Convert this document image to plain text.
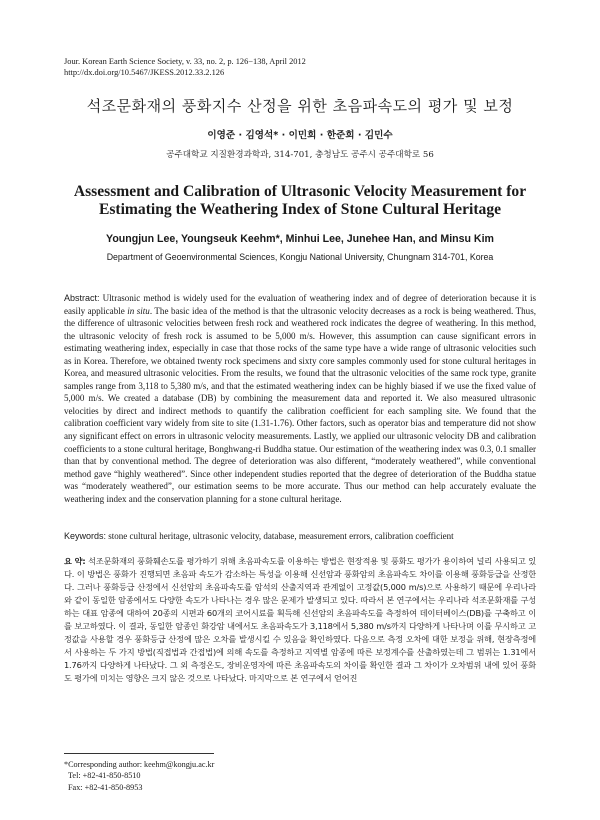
Jour. Korean Earth Science Society, v. 33, no. 2, p. 126−138, April 2012
http://dx.doi.org/10.5467/JKESS.2012.33.2.126
석조문화재의 풍화지수 산정을 위한 초음파속도의 평가 및 보정
이영준 · 김영석* · 이민희 · 한준희 · 김민수
공주대학교 지질환경과학과, 314-701, 충청남도 공주시 공주대학로 56
Assessment and Calibration of Ultrasonic Velocity Measurement for
Estimating the Weathering Index of Stone Cultural Heritage
Youngjun Lee, Youngseuk Keehm*, Minhui Lee, Junehee Han, and Minsu Kim
Department of Geoenvironmental Sciences, Kongju National University, Chungnam 314-701, Korea
Abstract: Ultrasonic method is widely used for the evaluation of weathering index and of degree of deterioration because it is easily applicable in situ. The basic idea of the method is that the ultrasonic velocity decreases as a rock is being weathered. Thus, the difference of ultrasonic velocities between fresh rock and weathered rock indicates the degree of weathering. In this method, the ultrasonic velocity of fresh rock is assumed to be 5,000 m/s. However, this assumption can cause significant errors in estimating weathering index, especially in case that those rocks of the same type have a wide range of ultrasonic velocities such as in Korea. Therefore, we obtained twenty rock specimens and sixty core samples commonly used for stone cultural heritages in Korea, and measured ultrasonic velocities. From the results, we found that the ultrasonic velocities of the same rock type, granite samples range from 3,118 to 5,380 m/s, and that the estimated weathering index can be highly biased if we use the fixed value of 5,000 m/s. We created a database (DB) by combining the measurement data and reported it. We also measured ultrasonic velocities by direct and indirect methods to quantify the calibration coefficient for each sampling site. We found that the calibration coefficient vary widely from site to site (1.31-1.76). Other factors, such as operator bias and temperature did not show any significant effect on errors in ultrasonic velocity measurements. Lastly, we applied our ultrasonic velocity DB and calibration coefficients to a stone cultural heritage, Bonghwang-ri Buddha statue. Our estimation of the weathering index was 0.3, 0.1 smaller than that by conventional method. The degree of deterioration was also different, “moderately weathered”, while conventional method gave “highly weathered”. Since other independent studies reported that the degree of deterioration of the Buddha statue was “moderately weathered”, our estimation seems to be more accurate. Thus our method can help accurately evaluate the weathering index and the conservation planning for a stone cultural heritage.
Keywords: stone cultural heritage, ultrasonic velocity, database, measurement errors, calibration coefficient
요 약: 석조문화재의 풍화훼손도를 평가하기 위해 초음파속도를 이용하는 방법은 현장적용 및 풍화도 평가가 용이하여 널리 사용되고 있다. 이 방법은 풍화가 진행되면 초음파 속도가 감소하는 특성을 이용해 신선암과 풍화암의 초음파속도 차이를 이용해 풍화등급을 산정한다. 그러나 풍화등급 산정에서 신선암의 초음파속도를 암석의 산출지역과 관계없이 고정값(5,000 m/s)으로 사용하기 때문에 우리나라와 같이 동일한 암종에서도 다양한 속도가 나타나는 경우 많은 문제가 발생되고 있다. 따라서 본 연구에서는 우리나라 석조문화재를 구성하는 대표 암종에 대하여 20종의 시편과 60개의 코어시료를 획득해 신선암의 초음파속도를 측정하여 데이터베이스(DB)를 구축하고 이를 보고하였다. 이 결과, 동일한 암종인 화강암 내에서도 초음파속도가 3,118에서 5,380 m/s까지 다양하게 나타나며 이를 무시하고 고정값을 사용할 경우 풍화등급 산정에 많은 오차를 발생시킬 수 있음을 확인하였다. 다음으로 측정 오차에 대한 보정을 위해, 현장측정에서 사용하는 두 가지 방법(직접법과 간접법)에 의해 속도를 측정하고 지역별 암종에 따른 보정계수를 산출하였는데 그 범위는 1.31에서 1.76까지 다양하게 나타났다. 그 외 측정온도, 장비운영자에 따른 초음파속도의 차이를 확인한 결과 그 차이가 오차범위 내에 있어 풍화도 평가에 미치는 영향은 크지 않은 것으로 나타났다. 마지막으로 본 연구에서 얻어진
*Corresponding author: keehm@kongju.ac.kr
Tel: +82-41-850-8510
Fax: +82-41-850-8953
